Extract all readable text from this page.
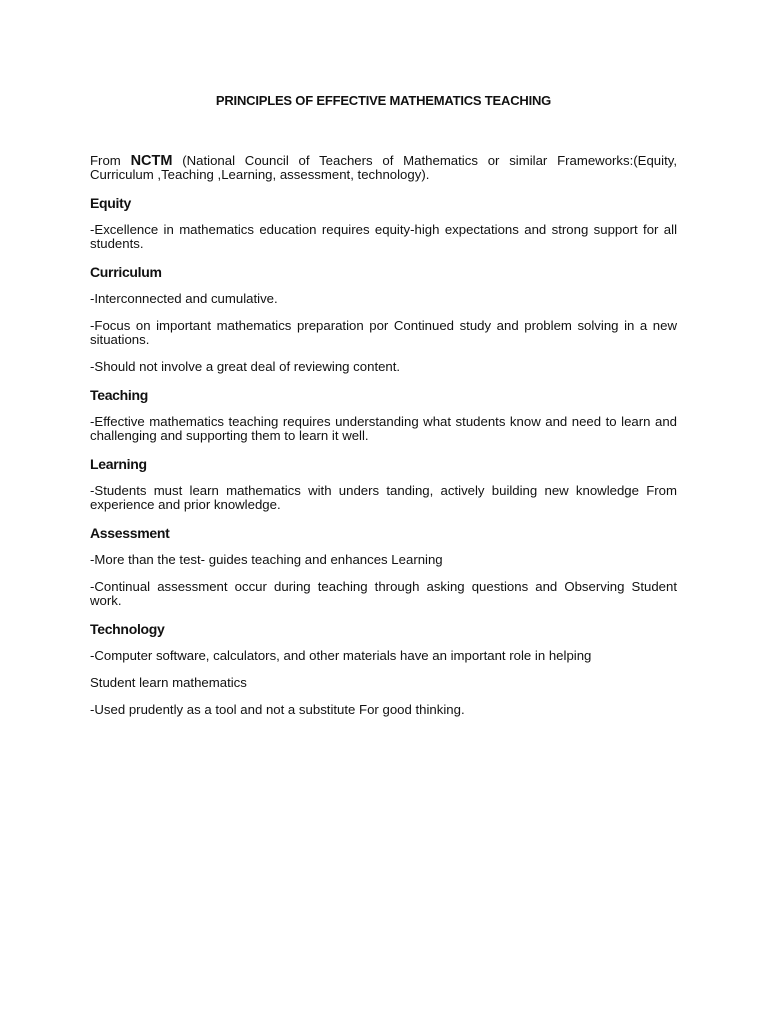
PRINCIPLES OF EFFECTIVE MATHEMATICS TEACHING

From NCTM (National Council of Teachers of Mathematics or similar Frameworks:(Equity, Curriculum ,Teaching ,Learning, assessment, technology).

Equity

-Excellence in mathematics education requires equity-high expectations and strong support for all students.

Curriculum

-Interconnected and cumulative.

-Focus on important mathematics preparation por Continued study and problem solving in a new situations.

-Should not involve a great deal of reviewing content.

Teaching

-Effective mathematics teaching requires understanding what students know and need to learn and challenging and supporting them to learn it well.

Learning

-Students must learn mathematics with unders tanding, actively building new knowledge From experience and prior knowledge.

Assessment

-More than the test- guides teaching and enhances Learning

-Continual assessment occur during teaching through asking questions and Observing Student work.

Technology

-Computer software, calculators, and other materials have an important role in helping

Student learn mathematics

-Used prudently as a tool and not a substitute For good thinking.
